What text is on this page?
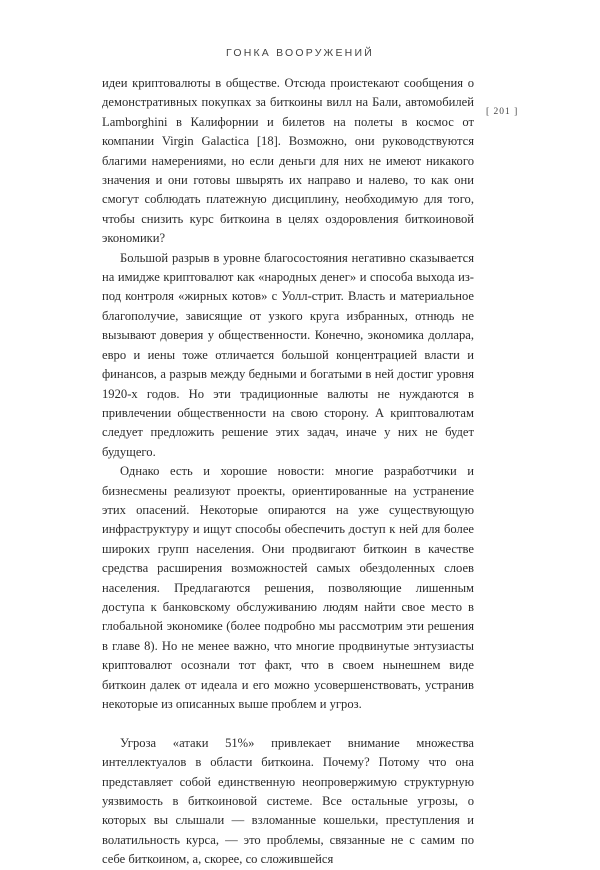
ГОНКА ВООРУЖЕНИЙ
[ 201 ]

идеи криптовалюты в обществе. Отсюда проистекают сообщения о демонстративных покупках за биткоины вилл на Бали, автомобилей Lamborghini в Калифорнии и билетов на полеты в космос от компании Virgin Galactica [18]. Возможно, они руководствуются благими намерениями, но если деньги для них не имеют никакого значения и они готовы швырять их направо и налево, то как они смогут соблюдать платежную дисциплину, необходимую для того, чтобы снизить курс биткоина в целях оздоровления биткоиновой экономики?

Большой разрыв в уровне благосостояния негативно сказывается на имидже криптовалют как «народных денег» и способа выхода из-под контроля «жирных котов» с Уолл-стрит. Власть и материальное благополучие, зависящие от узкого круга избранных, отнюдь не вызывают доверия у общественности. Конечно, экономика доллара, евро и иены тоже отличается большой концентрацией власти и финансов, а разрыв между бедными и богатыми в ней достиг уровня 1920-х годов. Но эти традиционные валюты не нуждаются в привлечении общественности на свою сторону. А криптовалютам следует предложить решение этих задач, иначе у них не будет будущего.

Однако есть и хорошие новости: многие разработчики и бизнесмены реализуют проекты, ориентированные на устранение этих опасений. Некоторые опираются на уже существующую инфраструктуру и ищут способы обеспечить доступ к ней для более широких групп населения. Они продвигают биткоин в качестве средства расширения возможностей самых обездоленных слоев населения. Предлагаются решения, позволяющие лишенным доступа к банковскому обслуживанию людям найти свое место в глобальной экономике (более подробно мы рассмотрим эти решения в главе 8). Но не менее важно, что многие продвинутые энтузиасты криптовалют осознали тот факт, что в своем нынешнем виде биткоин далек от идеала и его можно усовершенствовать, устранив некоторые из описанных выше проблем и угроз.

Угроза «атаки 51%» привлекает внимание множества интеллектуалов в области биткоина. Почему? Потому что она представляет собой единственную неопровержимую структурную уязвимость в биткоиновой системе. Все остальные угрозы, о которых вы слышали — взломанные кошельки, преступления и волатильность курса, — это проблемы, связанные не с самим по себе биткоином, а, скорее, со сложившейся
